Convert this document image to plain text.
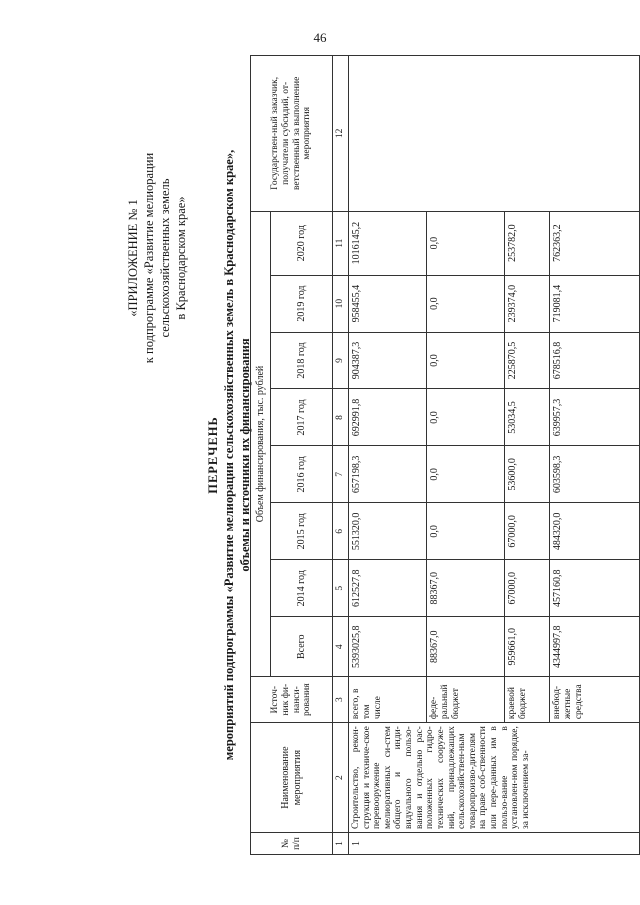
46
«ПРИЛОЖЕНИЕ № 1 к подпрограмме «Развитие мелиорации сельскохозяйственных земель в Краснодарском крае»
ПЕРЕЧЕНЬ мероприятий подпрограммы «Развитие мелиорации сельскохозяйственных земель в Краснодарском крае», объемы и источники их финансирования
№ п/п	Наименование мероприятия	Источ-ник фи-нанси-рования	Объем финансирования, тыс. рублей								Государствен-ный заказчик, получатели субсидий, от-ветственный за выполнение мероприятия
			Всего	2014 год	2015 год	2016 год	2017 год	2018 год	2019 год	2020 год	
1	2	3	4	5	6	7	8	9	10	11	12
1	Строительство, рекон-струкция и техниче-ское перевооружение мелиоративных си-стем общего и инди-видуального пользо-вания и отдельно рас-положенных гидро-технических сооруже-ний, принадлежащих сельскохозяйствен-ным товаропроизво-дителям на праве соб-ственности или пере-данных им в пользо-вание в установлен-ном порядке, за исключением за-	всего, в том числе	5393025,8	612527,8	551320,0	657198,3	692991,8	904387,3	958455,4	1016145,2	
		феде-ральный бюджет	88367,0	88367,0	0,0	0,0	0,0	0,0	0,0	0,0	
		краевой бюджет	959661,0	67000,0	67000,0	53600,0	53034,5	225870,5	239374,0	253782,0	
		внебюд-жетные средства	4344997,8	457160,8	484320,0	603598,3	639957,3	678516,8	719081,4	762363,2	
